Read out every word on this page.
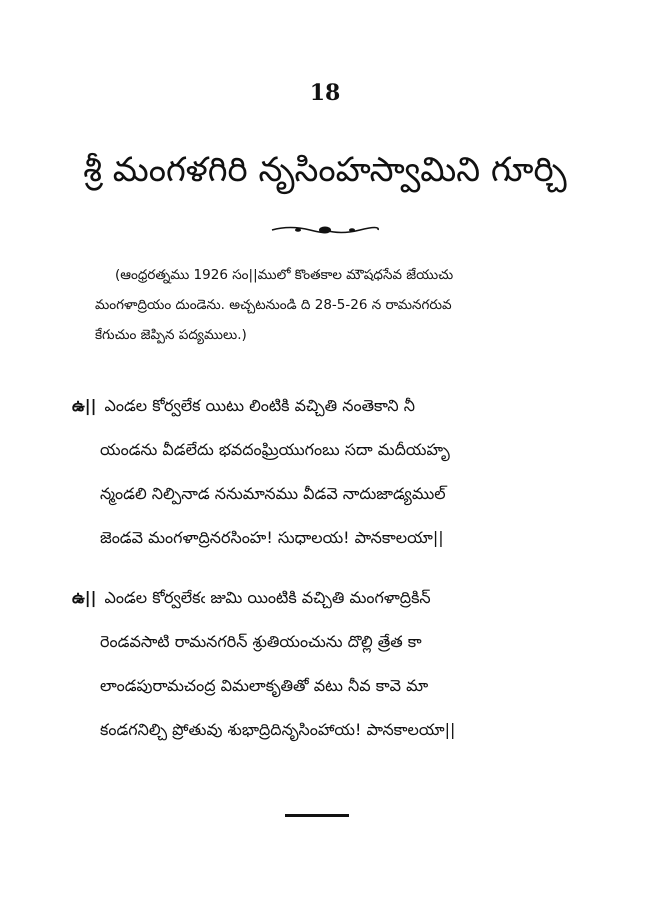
18
శ్రీ మంగళగిరి నృసింహస్వామిని గూర్చి
(ఆంధ్రరత్నము 1926 సం||ములో కొంతకాల మౌషధసేవ జేయుచు
మంగళాద్రియం దుండెను. అచ్చటనుండి ది 28-5-26 న రామనగరువ
కేగుచుం జెప్పిన పద్యములు.)
ఉ|| ఎండల కోర్వలేక యిటు లింటికి వచ్చితి నంతెకాని నీ
యండను వీడలేదు భవదంఘ్రియుగంబు సదా మదీయహృ
న్మండలి నిల్పినాడ ననుమానము వీడవె నాదుజాడ్యముల్
జెండవె మంగళాద్రినరసింహ! సుధాలయ! పానకాలయా||
ఉ|| ఎండల కోర్వలేకఁ జుమి యింటికి వచ్చితి మంగళాద్రికిన్
రెండవసాటి రామనగరిన్ శ్రుతియంచును దొల్లి త్రేత కా
లాండపురామచంద్ర విమలాకృతితో వటు నీవ కావె మా
కండగనిల్చి ప్రోతువు శుభాద్రిదినృసింహాయ! పానకాలయా||
